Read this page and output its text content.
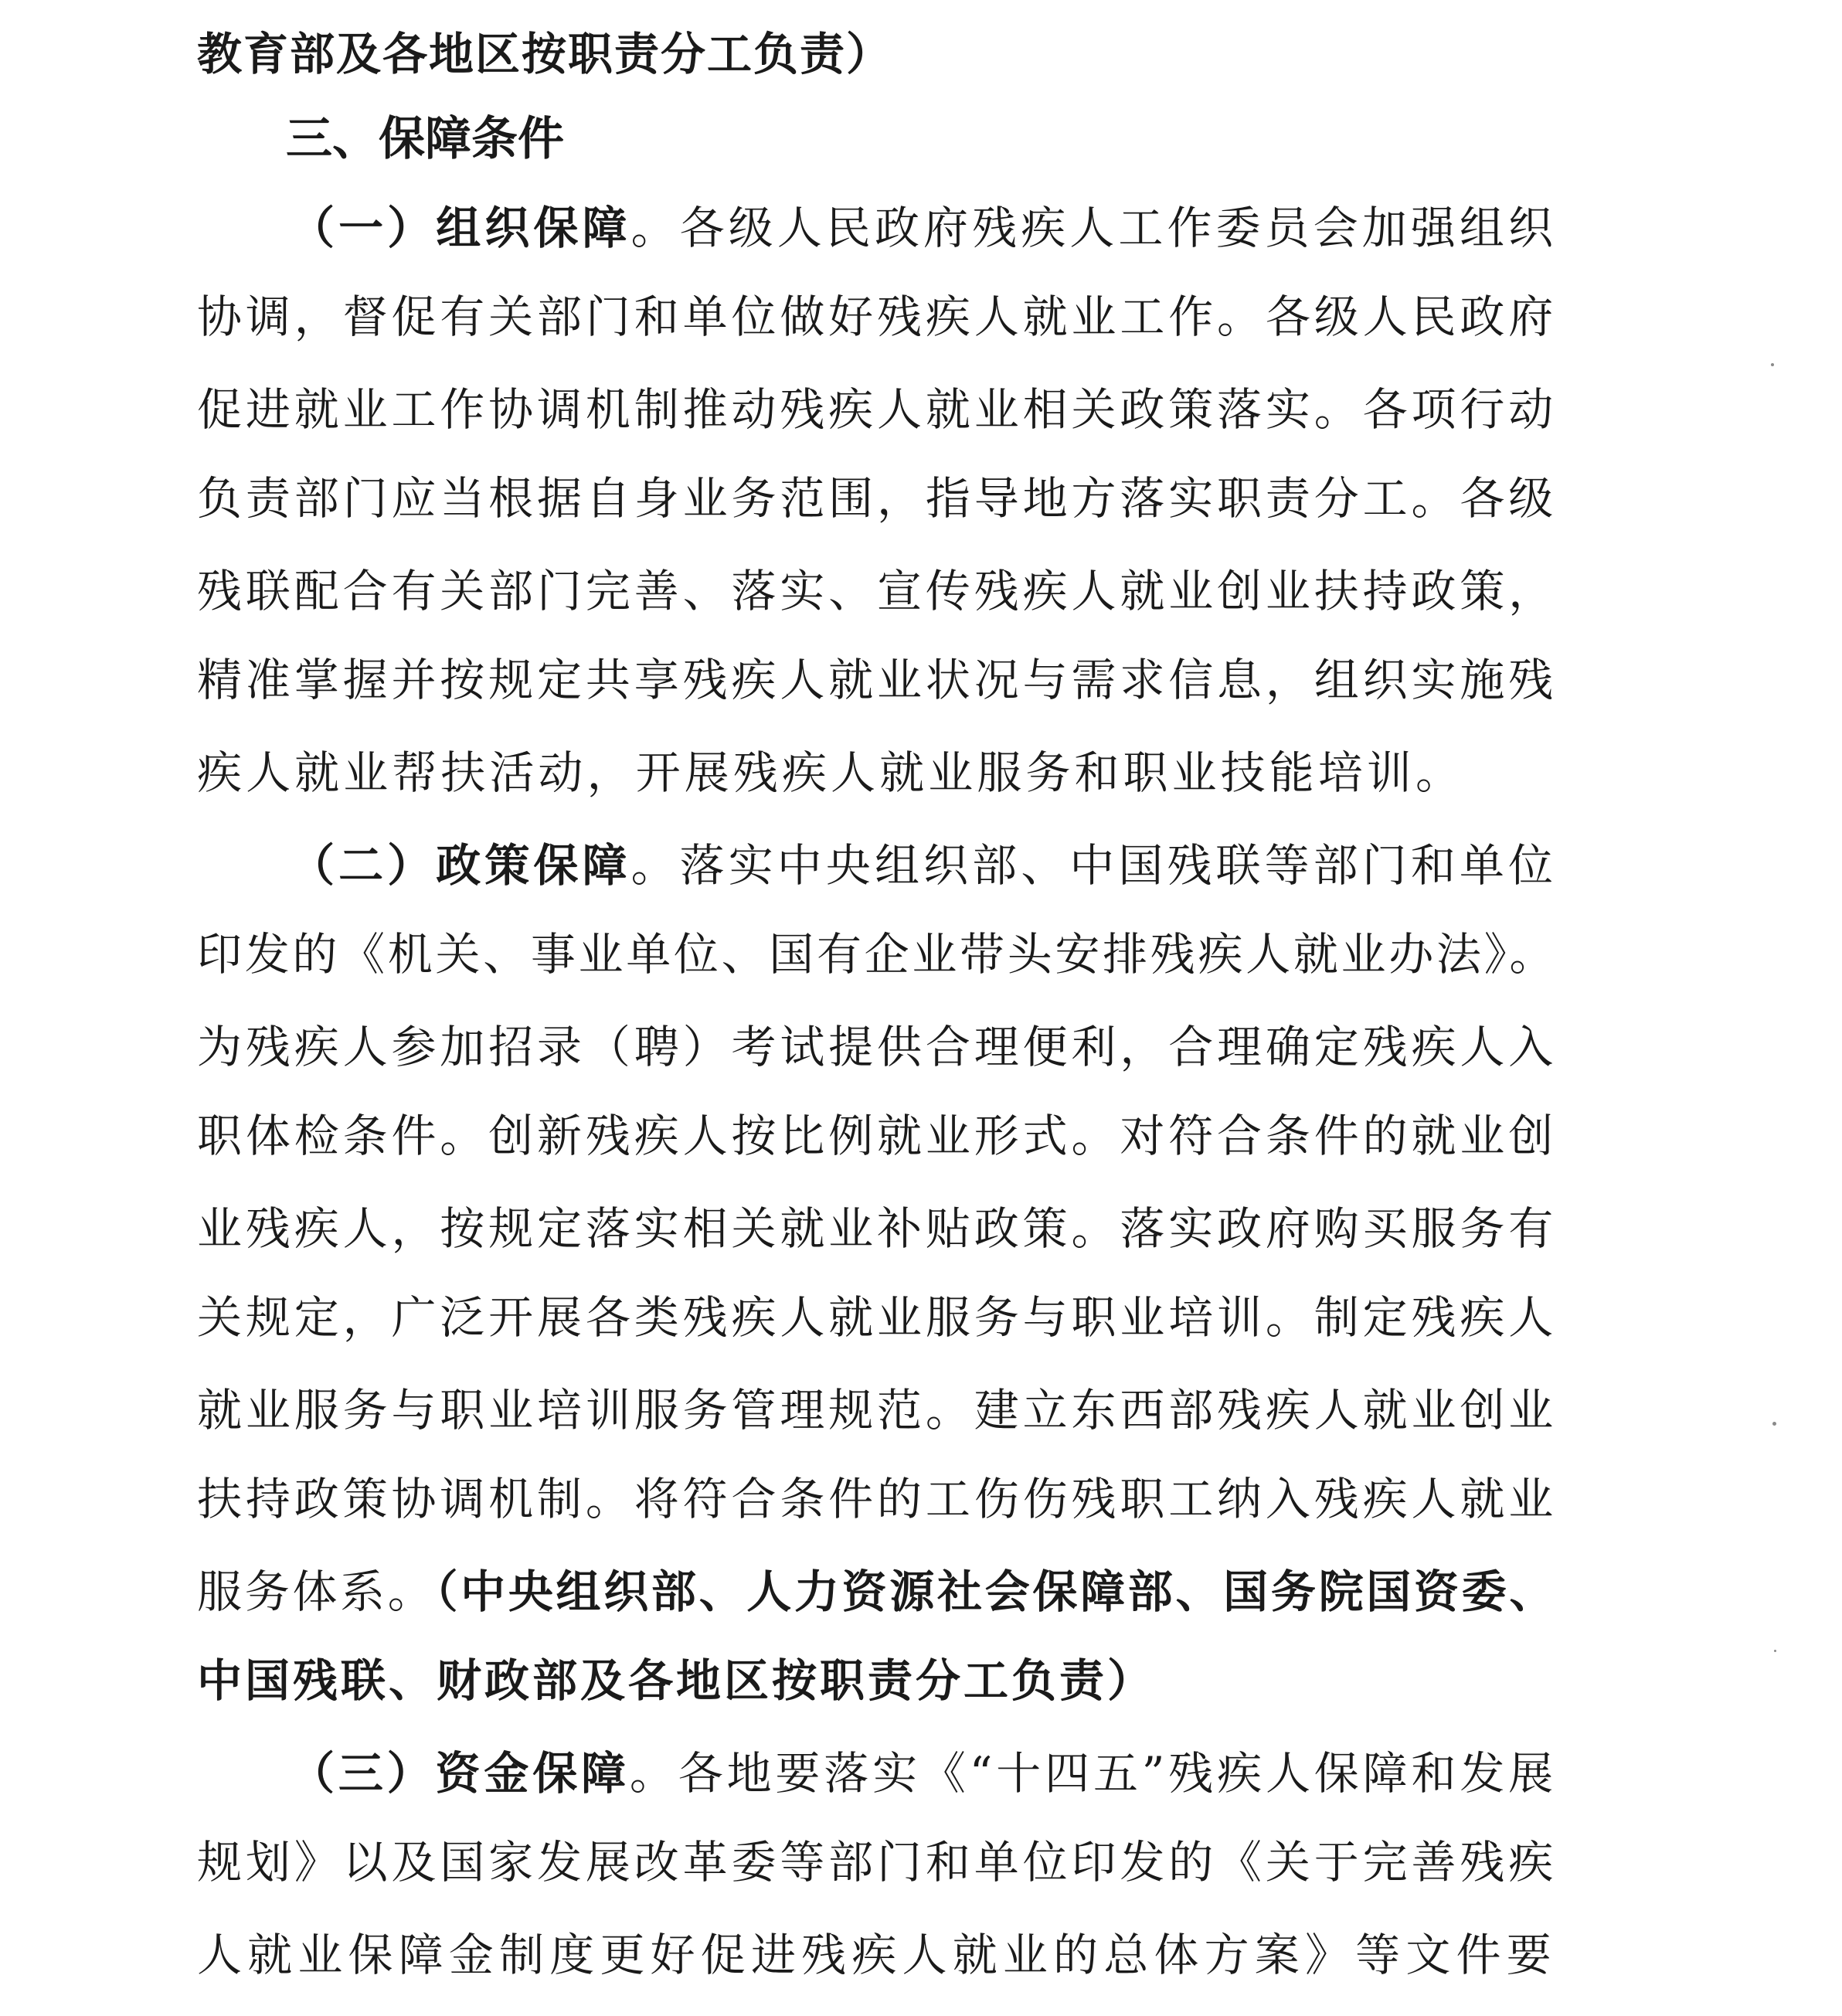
三、保障条件
教育部及各地区按职责分工负责）
（一）组织保障。各级人民政府残疾人工作委员会加强组织
协调，督促有关部门和单位做好残疾人就业工作。各级人民政府
促进就业工作协调机制推动残疾人就业相关政策落实。各项行动
负责部门应当根据自身业务范围，指导地方落实职责分工。各级
残联配合有关部门完善、落实、宣传残疾人就业创业扶持政策，
精准掌握并按规定共享残疾人就业状况与需求信息，组织实施残
疾人就业帮扶活动，开展残疾人就业服务和职业技能培训。
（二）政策保障。落实中央组织部、中国残联等部门和单位
印发的《机关、事业单位、国有企业带头安排残疾人就业办法》。
为残疾人参加招录（聘）考试提供合理便利，合理确定残疾人入
职体检条件。创新残疾人按比例就业形式。对符合条件的就业创
业残疾人，按规定落实相关就业补贴政策。落实政府购买服务有
关规定，广泛开展各类残疾人就业服务与职业培训。制定残疾人
就业服务与职业培训服务管理规范。建立东西部残疾人就业创业
扶持政策协调机制。将符合条件的工伤伤残职工纳入残疾人就业
服务体系。（中央组织部、人力资源社会保障部、国务院国资委、
中国残联、财政部及各地区按职责分工负责）
（三）资金保障。各地要落实《“十四五”残疾人保障和发展
规划》以及国家发展改革委等部门和单位印发的《关于完善残疾
人就业保障金制度更好促进残疾人就业的总体方案》等文件要
